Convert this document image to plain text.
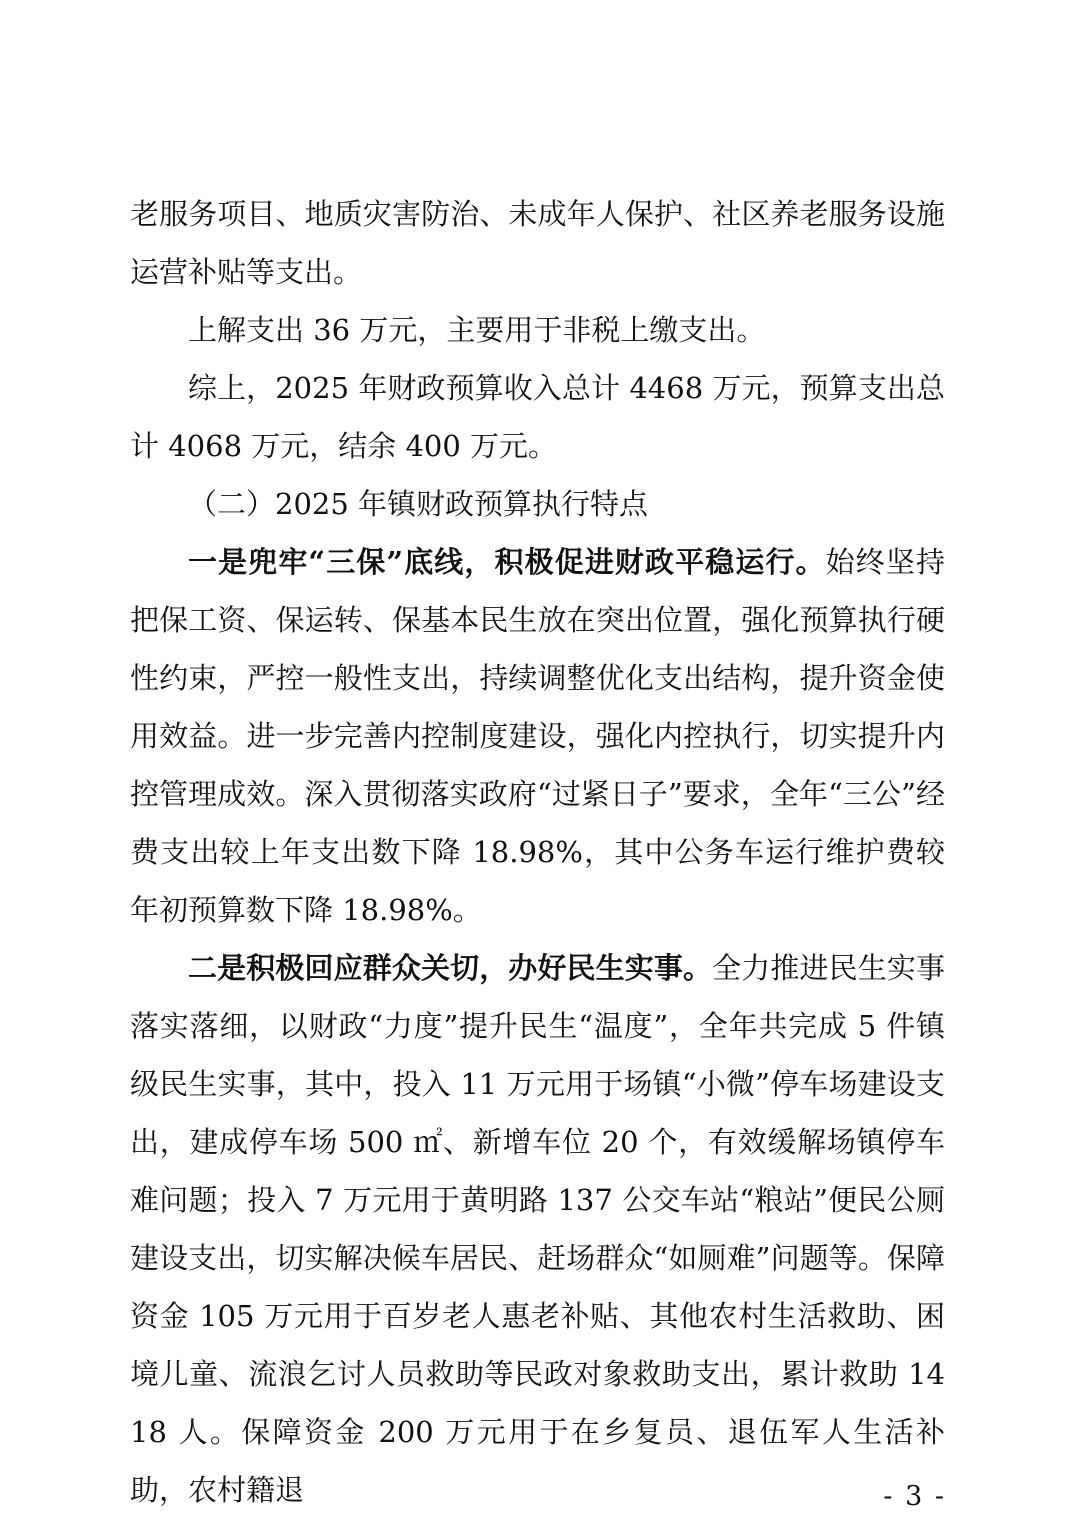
老服务项目、地质灾害防治、未成年人保护、社区养老服务设施运营补贴等支出。

上解支出 36 万元，主要用于非税上缴支出。

综上，2025 年财政预算收入总计 4468 万元，预算支出总计 4068 万元，结余 400 万元。

（二）2025 年镇财政预算执行特点

一是兜牢“三保”底线，积极促进财政平稳运行。始终坚持把保工资、保运转、保基本民生放在突出位置，强化预算执行硬性约束，严控一般性支出，持续调整优化支出结构，提升资金使用效益。进一步完善内控制度建设，强化内控执行，切实提升内控管理成效。深入贯彻落实政府“过紧日子”要求，全年“三公”经费支出较上年支出数下降 18.98%，其中公务车运行维护费较年初预算数下降 18.98%。

二是积极回应群众关切，办好民生实事。全力推进民生实事落实落细，以财政“力度”提升民生“温度”，全年共完成 5 件镇级民生实事，其中，投入 11 万元用于场镇“小微”停车场建设支出，建成停车场 500 ㎡、新增车位 20 个，有效缓解场镇停车难问题；投入 7 万元用于黄明路 137 公交车站“粮站”便民公厕建设支出，切实解决候车居民、赶场群众“如厕难”问题等。保障资金 105 万元用于百岁老人惠老补贴、其他农村生活救助、困境儿童、流浪乞讨人员救助等民政对象救助支出，累计救助 1418 人。保障资金 200 万元用于在乡复员、退伍军人生活补助，农村籍退	- 3 -
